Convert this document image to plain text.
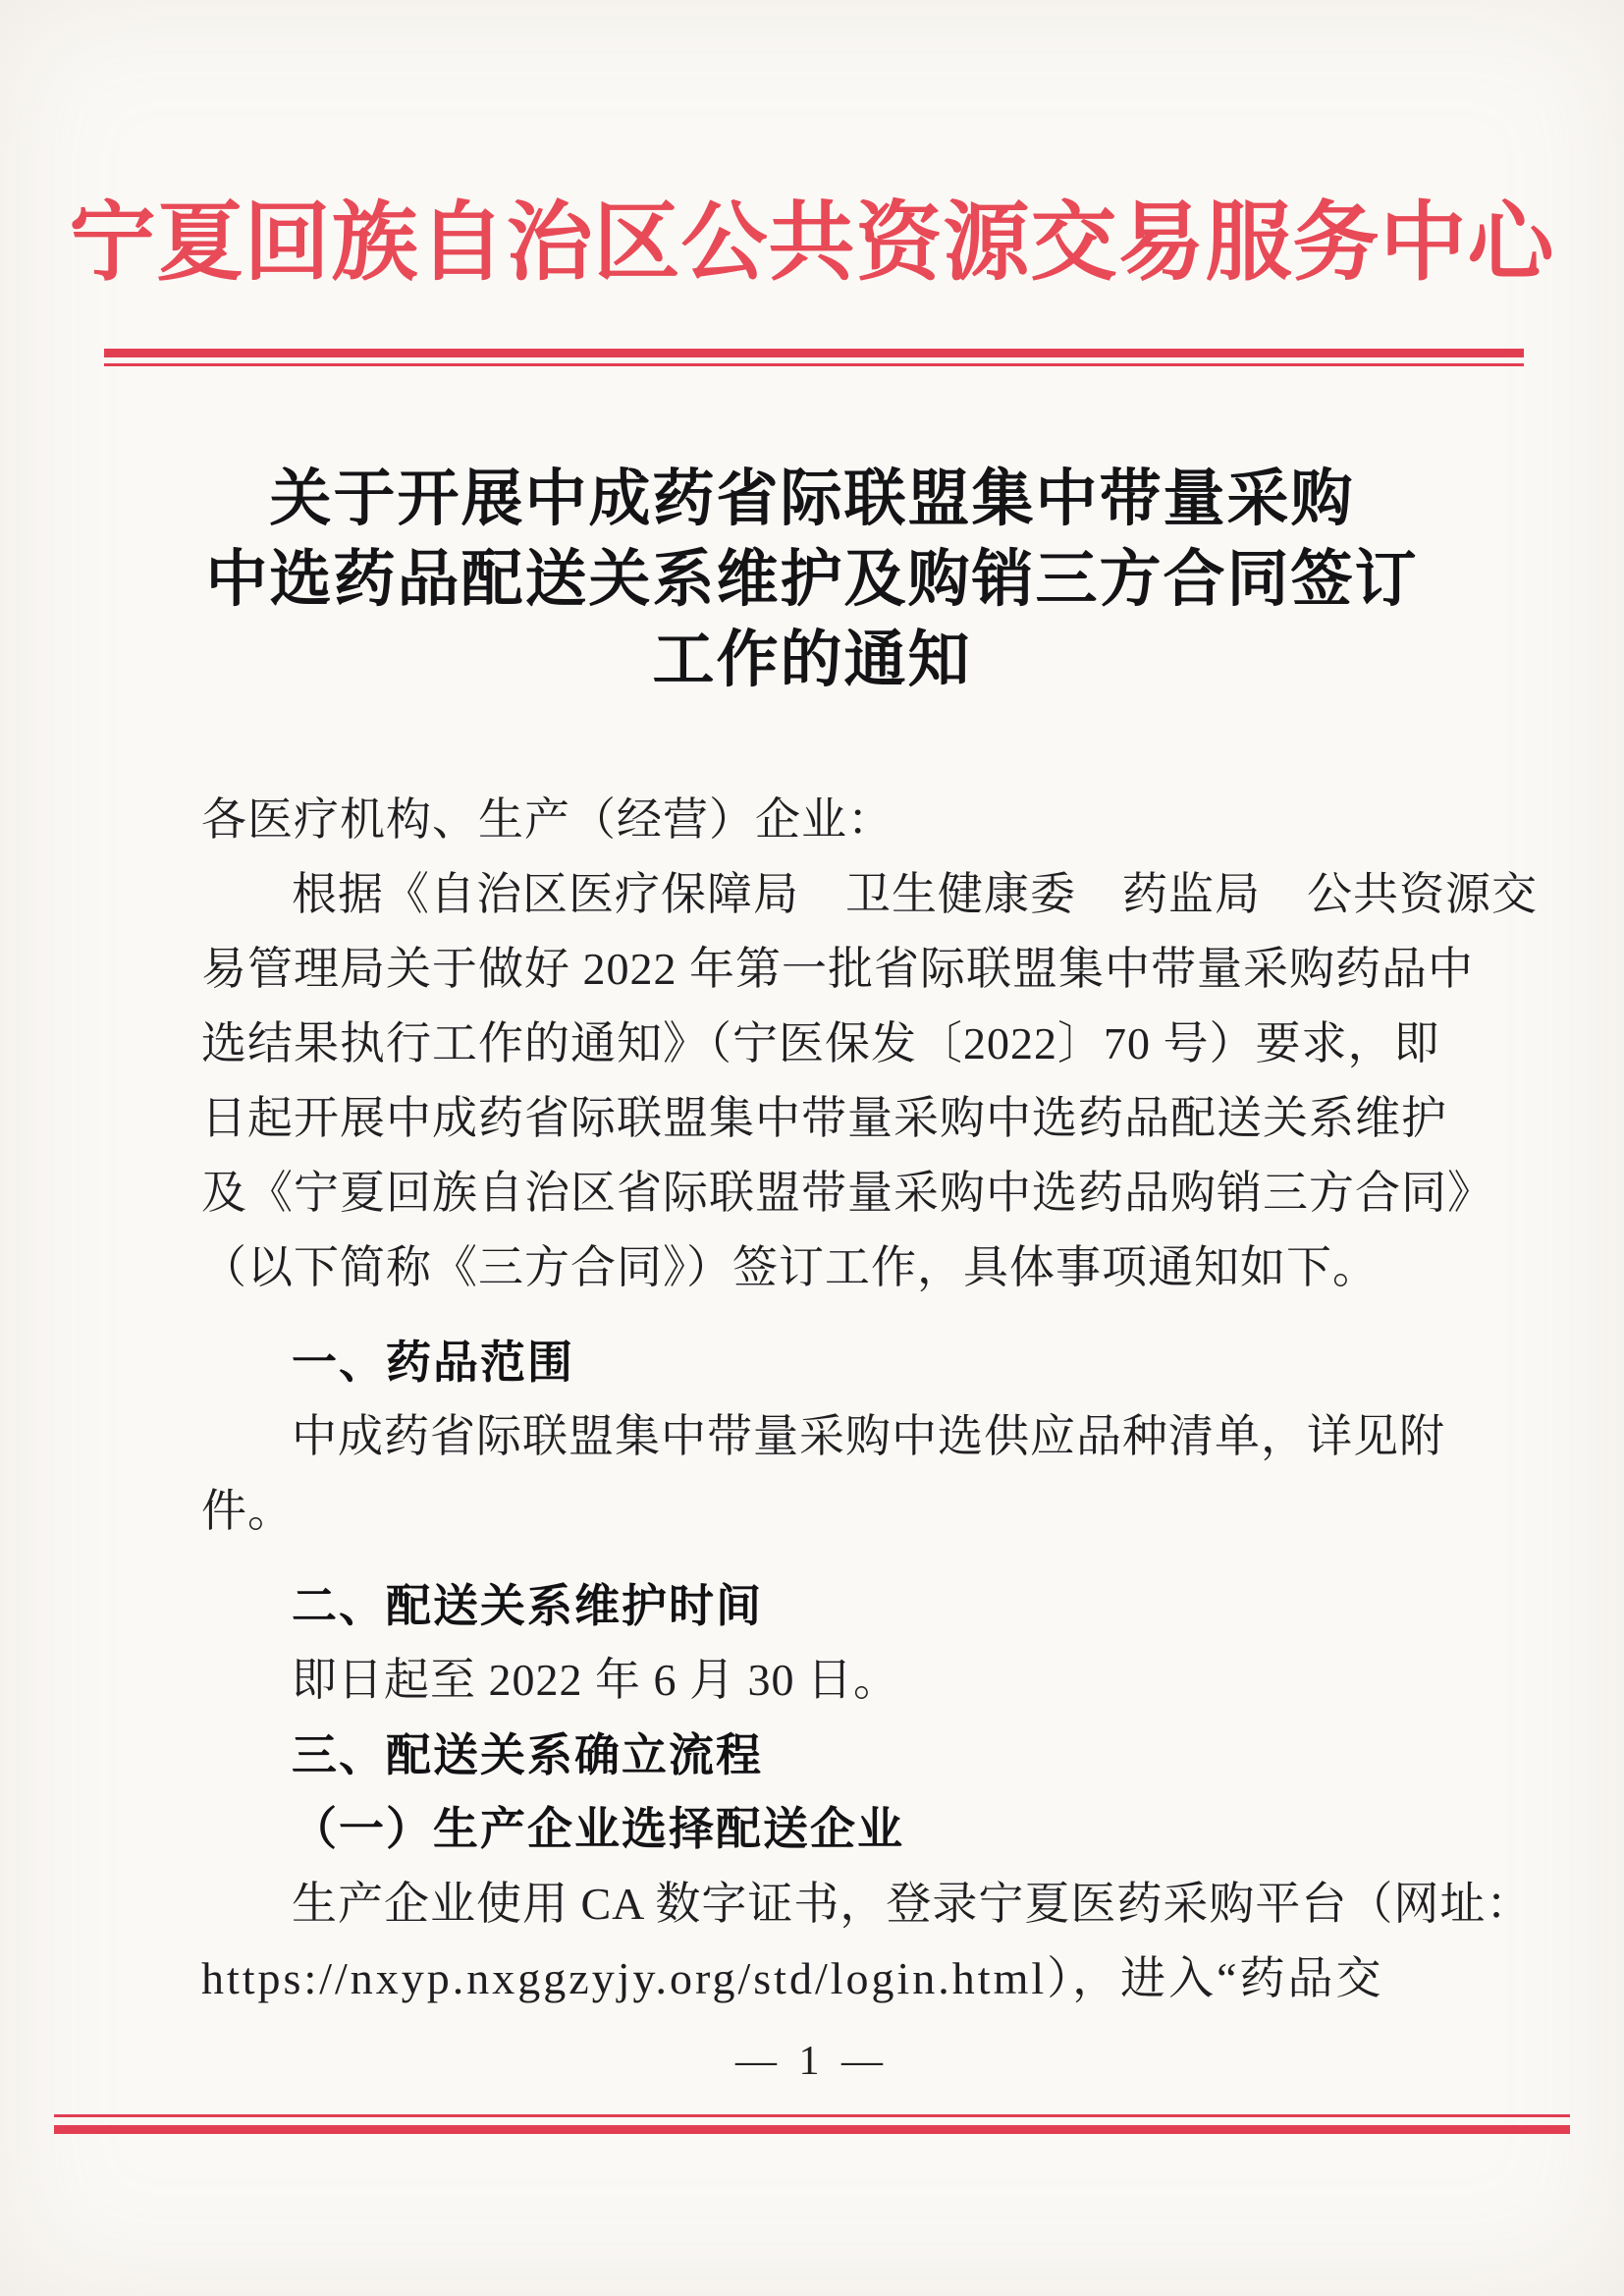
宁夏回族自治区公共资源交易服务中心
关于开展中成药省际联盟集中带量采购
中选药品配送关系维护及购销三方合同签订
工作的通知
各医疗机构、生产（经营）企业：
根据《自治区医疗保障局　卫生健康委　药监局　公共资源交
易管理局关于做好 2022 年第一批省际联盟集中带量采购药品中
选结果执行工作的通知》（宁医保发〔2022〕70 号）要求，即
日起开展中成药省际联盟集中带量采购中选药品配送关系维护
及《宁夏回族自治区省际联盟带量采购中选药品购销三方合同》
（以下简称《三方合同》）签订工作，具体事项通知如下。
一、药品范围
中成药省际联盟集中带量采购中选供应品种清单，详见附
件。
二、配送关系维护时间
即日起至 2022 年 6 月 30 日。
三、配送关系确立流程
（一）生产企业选择配送企业
生产企业使用 CA 数字证书，登录宁夏医药采购平台（网址：
https://nxyp.nxggzyjy.org/std/login.html），进入“药品交
— 1 —
